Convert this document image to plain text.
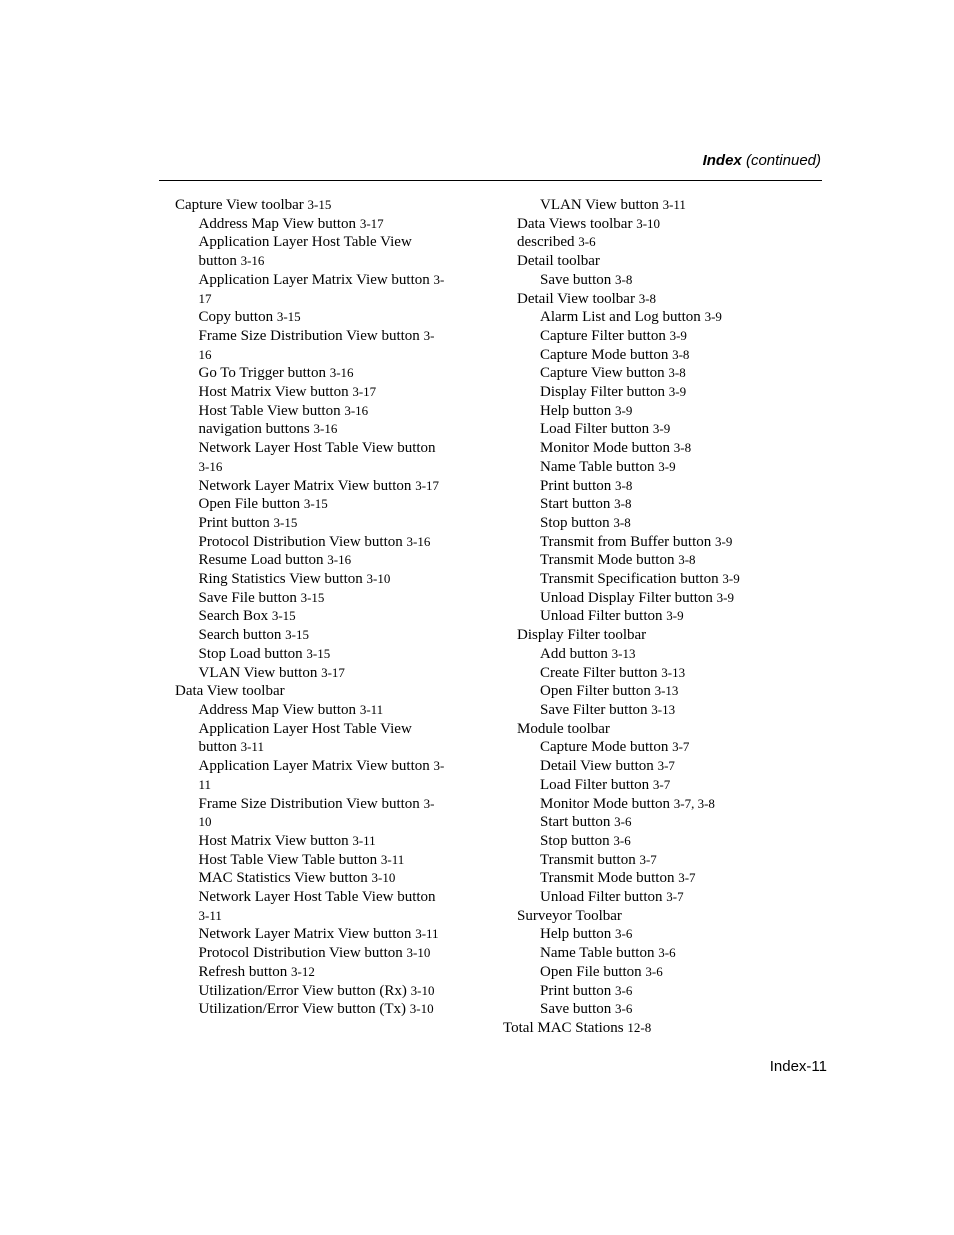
Index (continued)
Capture View toolbar 3-15
Address Map View button 3-17
Application Layer Host Table View
button 3-16
Application Layer Matrix View button 3-
17
Copy button 3-15
Frame Size Distribution View button 3-
16
Go To Trigger button 3-16
Host Matrix View button 3-17
Host Table View button 3-16
navigation buttons 3-16
Network Layer Host Table View button
3-16
Network Layer Matrix View button 3-17
Open File button 3-15
Print button 3-15
Protocol Distribution View button 3-16
Resume Load button 3-16
Ring Statistics View button 3-10
Save File button 3-15
Search Box 3-15
Search button 3-15
Stop Load button 3-15
VLAN View button 3-17
Data View toolbar
Address Map View button 3-11
Application Layer Host Table View
button 3-11
Application Layer Matrix View button 3-
11
Frame Size Distribution View button 3-
10
Host Matrix View button 3-11
Host Table View Table button 3-11
MAC Statistics View button 3-10
Network Layer Host Table View button
3-11
Network Layer Matrix View button 3-11
Protocol Distribution View button 3-10
Refresh button 3-12
Utilization/Error View button (Rx) 3-10
Utilization/Error View button (Tx) 3-10
VLAN View button 3-11
Data Views toolbar 3-10
described 3-6
Detail toolbar
Save button 3-8
Detail View toolbar 3-8
Alarm List and Log button 3-9
Capture Filter button 3-9
Capture Mode button 3-8
Capture View button 3-8
Display Filter button 3-9
Help button 3-9
Load Filter button 3-9
Monitor Mode button 3-8
Name Table button 3-9
Print button 3-8
Start button 3-8
Stop button 3-8
Transmit from Buffer button 3-9
Transmit Mode button 3-8
Transmit Specification button 3-9
Unload Display Filter button 3-9
Unload Filter button 3-9
Display Filter toolbar
Add button 3-13
Create Filter button 3-13
Open Filter button 3-13
Save Filter button 3-13
Module toolbar
Capture Mode button 3-7
Detail View button 3-7
Load Filter button 3-7
Monitor Mode button 3-7, 3-8
Start button 3-6
Stop button 3-6
Transmit button 3-7
Transmit Mode button 3-7
Unload Filter button 3-7
Surveyor Toolbar
Help button 3-6
Name Table button 3-6
Open File button 3-6
Print button 3-6
Save button 3-6
Total MAC Stations 12-8
Index-11
